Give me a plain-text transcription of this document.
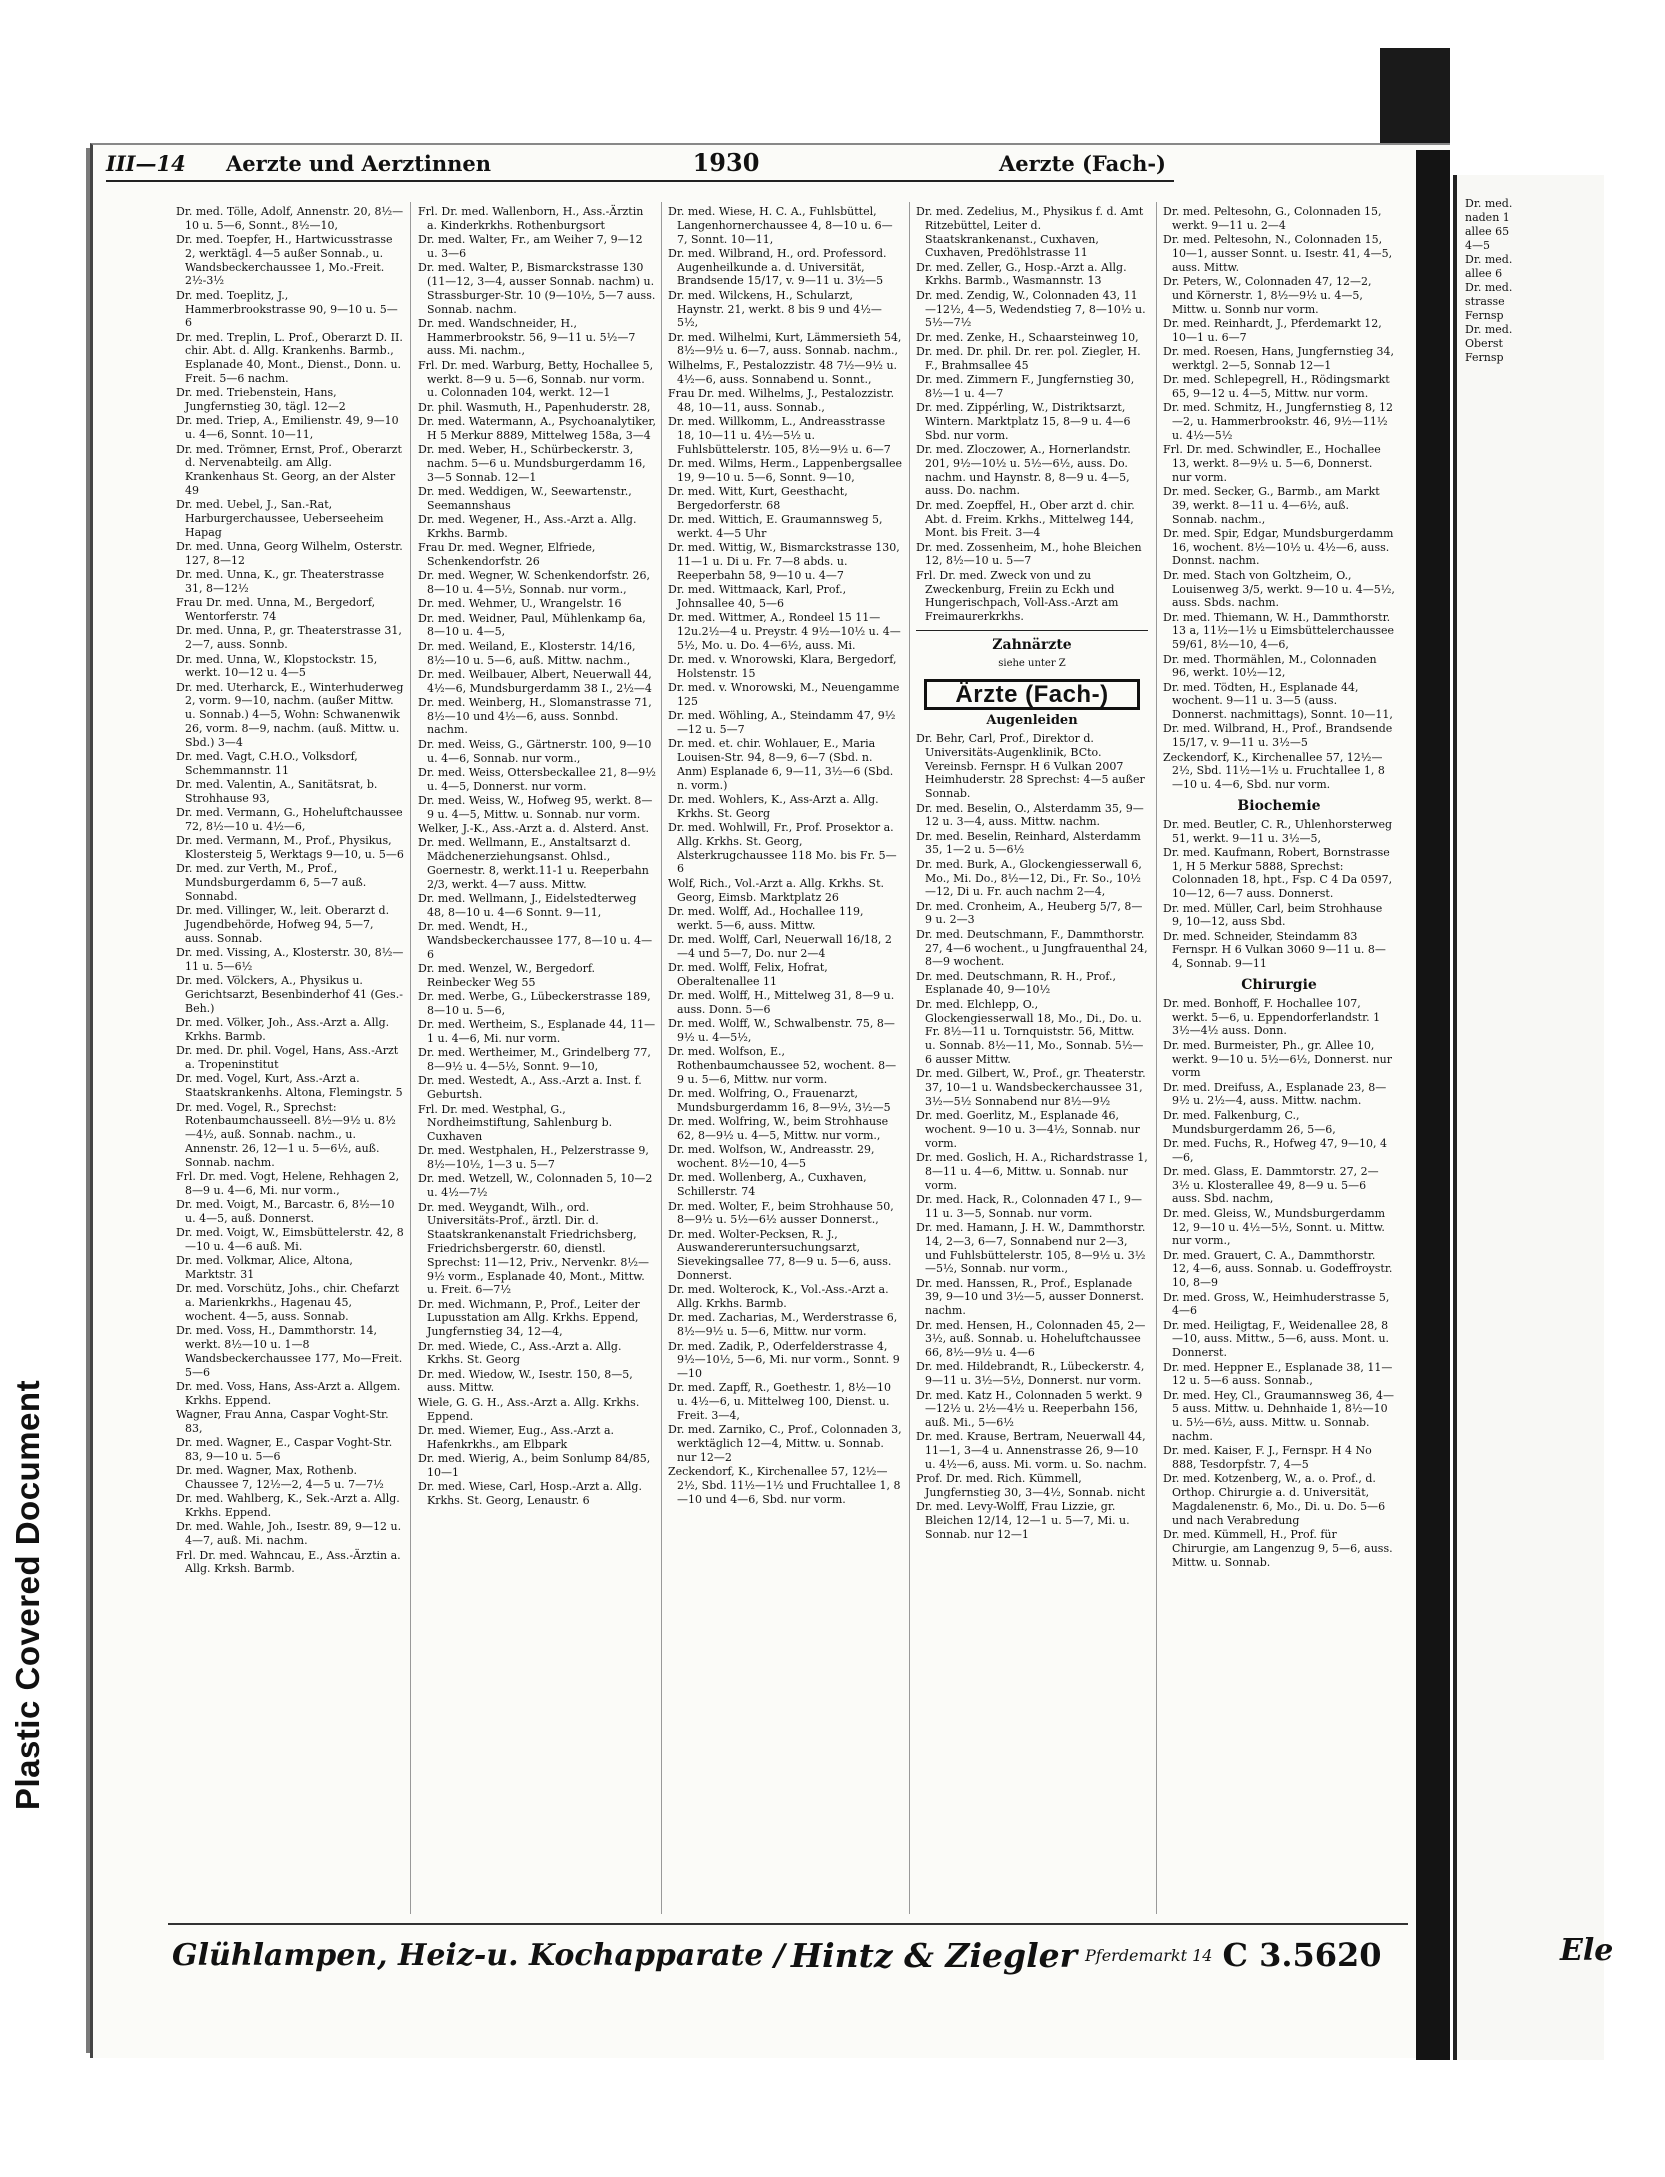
Plastic Covered Document

Dr. med.

naden 1

allee 65

4—5

Dr. med.

allee 6

Dr. med.

strasse

Fernsp

Dr. med.

Oberst

Fernsp

Ele
III—14	Aerzte und Aerztinnen	1930	Aerzte (Fach-)

Dr. med. Tölle, Adolf, Annenstr. 20, 8½—10 u. 5—6, Sonnt., 8½—10,

Dr. med. Toepfer, H., Hartwicusstrasse 2, werktägl. 4—5 außer Sonnab., u. Wandsbeckerchaussee 1, Mo.-Freit. 2½-3½

Dr. med. Toeplitz, J., Hammerbrookstrasse 90, 9—10 u. 5—6

Dr. med. Treplin, L. Prof., Oberarzt D. II. chir. Abt. d. Allg. Krankenhs. Barmb., Esplanade 40, Mont., Dienst., Donn. u. Freit. 5—6 nachm.

Dr. med. Triebenstein, Hans, Jungfernstieg 30, tägl. 12—2

Dr. med. Triep, A., Emilienstr. 49, 9—10 u. 4—6, Sonnt. 10—11,

Dr. med. Trömner, Ernst, Prof., Oberarzt d. Nervenabteilg. am Allg. Krankenhaus St. Georg, an der Alster 49

Dr. med. Uebel, J., San.-Rat, Harburgerchaussee, Ueberseeheim Hapag

Dr. med. Unna, Georg Wilhelm, Osterstr. 127, 8—12

Dr. med. Unna, K., gr. Theaterstrasse 31, 8—12½

Frau Dr. med. Unna, M., Bergedorf, Wentorferstr. 74

Dr. med. Unna, P., gr. Theaterstrasse 31, 2—7, auss. Sonnb.

Dr. med. Unna, W., Klopstockstr. 15, werkt. 10—12 u. 4—5

Dr. med. Uterharck, E., Winterhuderweg 2, vorm. 9—10, nachm. (außer Mittw. u. Sonnab.) 4—5, Wohn: Schwanenwik 26, vorm. 8—9, nachm. (auß. Mittw. u. Sbd.) 3—4

Dr. med. Vagt, C.H.O., Volksdorf, Schemmannstr. 11

Dr. med. Valentin, A., Sanitätsrat, b. Strohhause 93,

Dr. med. Vermann, G., Hoheluftchaussee 72, 8½—10 u. 4½—6,

Dr. med. Vermann, M., Prof., Physikus, Klostersteig 5, Werktags 9—10, u. 5—6

Dr. med. zur Verth, M., Prof., Mundsburgerdamm 6, 5—7 auß. Sonnabd.

Dr. med. Villinger, W., leit. Oberarzt d. Jugendbehörde, Hofweg 94, 5—7, auss. Sonnab.

Dr. med. Vissing, A., Klosterstr. 30, 8½—11 u. 5—6½

Dr. med. Völckers, A., Physikus u. Gerichtsarzt, Besenbinderhof 41 (Ges.-Beh.)

Dr. med. Völker, Joh., Ass.-Arzt a. Allg. Krkhs. Barmb.

Dr. med. Dr. phil. Vogel, Hans, Ass.-Arzt a. Tropeninstitut

Dr. med. Vogel, Kurt, Ass.-Arzt a. Staatskrankenhs. Altona, Flemingstr. 5

Dr. med. Vogel, R., Sprechst: Rotenbaumchausseell. 8½—9½ u. 8½—4½, auß. Sonnab. nachm., u. Annenstr. 26, 12—1 u. 5—6½, auß. Sonnab. nachm.

Frl. Dr. med. Vogt, Helene, Rehhagen 2, 8—9 u. 4—6, Mi. nur vorm.,

Dr. med. Voigt, M., Barcastr. 6, 8½—10 u. 4—5, auß. Donnerst.

Dr. med. Voigt, W., Eimsbüttelerstr. 42, 8—10 u. 4—6 auß. Mi.

Dr. med. Volkmar, Alice, Altona, Marktstr. 31

Dr. med. Vorschütz, Johs., chir. Chefarzt a. Marienkrkhs., Hagenau 45, wochent. 4—5, auss. Sonnab.

Dr. med. Voss, H., Dammthorstr. 14, werkt. 8½—10 u. 1—8 Wandsbeckerchaussee 177, Mo—Freit. 5—6

Dr. med. Voss, Hans, Ass-Arzt a. Allgem. Krkhs. Eppend.

Wagner, Frau Anna, Caspar Voght-Str. 83,

Dr. med. Wagner, E., Caspar Voght-Str. 83, 9—10 u. 5—6

Dr. med. Wagner, Max, Rothenb. Chaussee 7, 12½—2, 4—5 u. 7—7½

Dr. med. Wahlberg, K., Sek.-Arzt a. Allg. Krkhs. Eppend.

Dr. med. Wahle, Joh., Isestr. 89, 9—12 u. 4—7, auß. Mi. nachm.

Frl. Dr. med. Wahncau, E., Ass.-Ärztin a. Allg. Krksh. Barmb.

Frl. Dr. med. Wallenborn, H., Ass.-Ärztin a. Kinderkrkhs. Rothenburgsort

Dr. med. Walter, Fr., am Weiher 7, 9—12 u. 3—6

Dr. med. Walter, P., Bismarckstrasse 130 (11—12, 3—4, ausser Sonnab. nachm) u. Strassburger-Str. 10 (9—10½, 5—7 auss. Sonnab. nachm.

Dr. med. Wandschneider, H., Hammerbrookstr. 56, 9—11 u. 5½—7 auss. Mi. nachm.,

Frl. Dr. med. Warburg, Betty, Hochallee 5, werkt. 8—9 u. 5—6, Sonnab. nur vorm. u. Colonnaden 104, werkt. 12—1

Dr. phil. Wasmuth, H., Papenhuderstr. 28,

Dr. med. Watermann, A., Psychoanalytiker, H 5 Merkur 8889, Mittelweg 158a, 3—4

Dr. med. Weber, H., Schürbeckerstr. 3, nachm. 5—6 u. Mundsburgerdamm 16, 3—5 Sonnab. 12—1

Dr. med. Weddigen, W., Seewartenstr., Seemannshaus

Dr. med. Wegener, H., Ass.-Arzt a. Allg. Krkhs. Barmb.

Frau Dr. med. Wegner, Elfriede, Schenkendorfstr. 26

Dr. med. Wegner, W. Schenkendorfstr. 26, 8—10 u. 4—5½, Sonnab. nur vorm.,

Dr. med. Wehmer, U., Wrangelstr. 16

Dr. med. Weidner, Paul, Mühlenkamp 6a, 8—10 u. 4—5,

Dr. med. Weiland, E., Klosterstr. 14/16, 8½—10 u. 5—6, auß. Mittw. nachm.,

Dr. med. Weilbauer, Albert, Neuerwall 44, 4½—6, Mundsburgerdamm 38 I., 2½—4

Dr. med. Weinberg, H., Slomanstrasse 71, 8½—10 und 4½—6, auss. Sonnbd. nachm.

Dr. med. Weiss, G., Gärtnerstr. 100, 9—10 u. 4—6, Sonnab. nur vorm.,

Dr. med. Weiss, Ottersbeckallee 21, 8—9½ u. 4—5, Donnerst. nur vorm.

Dr. med. Weiss, W., Hofweg 95, werkt. 8—9 u. 4—5, Mittw. u. Sonnab. nur vorm.

Welker, J.-K., Ass.-Arzt a. d. Alsterd. Anst.

Dr. med. Wellmann, E., Anstaltsarzt d. Mädchenerziehungsanst. Ohlsd., Goernestr. 8, werkt.11-1 u. Reeperbahn 2/3, werkt. 4—7 auss. Mittw.

Dr. med. Wellmann, J., Eidelstedterweg 48, 8—10 u. 4—6 Sonnt. 9—11,

Dr. med. Wendt, H., Wandsbeckerchaussee 177, 8—10 u. 4—6

Dr. med. Wenzel, W., Bergedorf. Reinbecker Weg 55

Dr. med. Werbe, G., Lübeckerstrasse 189, 8—10 u. 5—6,

Dr. med. Wertheim, S., Esplanade 44, 11—1 u. 4—6, Mi. nur vorm.

Dr. med. Wertheimer, M., Grindelberg 77, 8—9½ u. 4—5½, Sonnt. 9—10,

Dr. med. Westedt, A., Ass.-Arzt a. Inst. f. Geburtsh.

Frl. Dr. med. Westphal, G., Nordheimstiftung, Sahlenburg b. Cuxhaven

Dr. med. Westphalen, H., Pelzerstrasse 9, 8½—10½, 1—3 u. 5—7

Dr. med. Wetzell, W., Colonnaden 5, 10—2 u. 4½—7½

Dr. med. Weygandt, Wilh., ord. Universitäts-Prof., ärztl. Dir. d. Staatskrankenanstalt Friedrichsberg, Friedrichsbergerstr. 60, dienstl. Sprechst: 11—12, Priv., Nervenkr. 8½—9½ vorm., Esplanade 40, Mont., Mittw. u. Freit. 6—7½

Dr. med. Wichmann, P., Prof., Leiter der Lupusstation am Allg. Krkhs. Eppend, Jungfernstieg 34, 12—4,

Dr. med. Wiede, C., Ass.-Arzt a. Allg. Krkhs. St. Georg

Dr. med. Wiedow, W., Isestr. 150, 8—5, auss. Mittw.

Wiele, G. G. H., Ass.-Arzt a. Allg. Krkhs. Eppend.

Dr. med. Wiemer, Eug., Ass.-Arzt a. Hafenkrkhs., am Elbpark

Dr. med. Wierig, A., beim Sonlump 84/85, 10—1

Dr. med. Wiese, Carl, Hosp.-Arzt a. Allg. Krkhs. St. Georg, Lenaustr. 6

Dr. med. Wiese, H. C. A., Fuhlsbüttel, Langenhornerchaussee 4, 8—10 u. 6—7, Sonnt. 10—11,

Dr. med. Wilbrand, H., ord. Professord. Augenheilkunde a. d. Universität, Brandsende 15/17, v. 9—11 u. 3½—5

Dr. med. Wilckens, H., Schularzt, Haynstr. 21, werkt. 8 bis 9 und 4½—5½,

Dr. med. Wilhelmi, Kurt, Lämmersieth 54, 8½—9½ u. 6—7, auss. Sonnab. nachm.,

Wilhelms, F., Pestalozzistr. 48 7½—9½ u. 4½—6, auss. Sonnabend u. Sonnt.,

Frau Dr. med. Wilhelms, J., Pestalozzistr. 48, 10—11, auss. Sonnab.,

Dr. med. Willkomm, L., Andreasstrasse 18, 10—11 u. 4½—5½ u. Fuhlsbüttelerstr. 105, 8½—9½ u. 6—7

Dr. med. Wilms, Herm., Lappenbergsallee 19, 9—10 u. 5—6, Sonnt. 9—10,

Dr. med. Witt, Kurt, Geesthacht, Bergedorferstr. 68

Dr. med. Wittich, E. Graumannsweg 5, werkt. 4—5 Uhr

Dr. med. Wittig, W., Bismarckstrasse 130, 11—1 u. Di u. Fr. 7—8 abds. u. Reeperbahn 58, 9—10 u. 4—7

Dr. med. Wittmaack, Karl, Prof., Johnsallee 40, 5—6

Dr. med. Wittmer, A., Rondeel 15 11—12u.2½—4 u. Preystr. 4 9½—10½ u. 4—5½, Mo. u. Do. 4—6½, auss. Mi.

Dr. med. v. Wnorowski, Klara, Bergedorf, Holstenstr. 15

Dr. med. v. Wnorowski, M., Neuengamme 125

Dr. med. Wöhling, A., Steindamm 47, 9½—12 u. 5—7

Dr. med. et. chir. Wohlauer, E., Maria Louisen-Str. 94, 8—9, 6—7 (Sbd. n. Anm) Esplanade 6, 9—11, 3½—6 (Sbd. n. vorm.)

Dr. med. Wohlers, K., Ass-Arzt a. Allg. Krkhs. St. Georg

Dr. med. Wohlwill, Fr., Prof. Prosektor a. Allg. Krkhs. St. Georg, Alsterkrugchaussee 118 Mo. bis Fr. 5—6

Wolf, Rich., Vol.-Arzt a. Allg. Krkhs. St. Georg, Eimsb. Marktplatz 26

Dr. med. Wolff, Ad., Hochallee 119, werkt. 5—6, auss. Mittw.

Dr. med. Wolff, Carl, Neuerwall 16/18, 2—4 und 5—7, Do. nur 2—4

Dr. med. Wolff, Felix, Hofrat, Oberaltenallee 11

Dr. med. Wolff, H., Mittelweg 31, 8—9 u. auss. Donn. 5—6

Dr. med. Wolff, W., Schwalbenstr. 75, 8—9½ u. 4—5½,

Dr. med. Wolfson, E., Rothenbaumchaussee 52, wochent. 8—9 u. 5—6, Mittw. nur vorm.

Dr. med. Wolfring, O., Frauenarzt, Mundsburgerdamm 16, 8—9½, 3½—5

Dr. med. Wolfring, W., beim Strohhause 62, 8—9½ u. 4—5, Mittw. nur vorm.,

Dr. med. Wolfson, W., Andreasstr. 29, wochent. 8½—10, 4—5

Dr. med. Wollenberg, A., Cuxhaven, Schillerstr. 74

Dr. med. Wolter, F., beim Strohhause 50, 8—9½ u. 5½—6½ ausser Donnerst.,

Dr. med. Wolter-Pecksen, R. J., Auswandereruntersuchungsarzt, Sievekingsallee 77, 8—9 u. 5—6, auss. Donnerst.

Dr. med. Wolterock, K., Vol.-Ass.-Arzt a. Allg. Krkhs. Barmb.

Dr. med. Zacharias, M., Werderstrasse 6, 8½—9½ u. 5—6, Mittw. nur vorm.

Dr. med. Zadik, P., Oderfelderstrasse 4, 9½—10½, 5—6, Mi. nur vorm., Sonnt. 9—10

Dr. med. Zapff, R., Goethestr. 1, 8½—10 u. 4½—6, u. Mittelweg 100, Dienst. u. Freit. 3—4,

Dr. med. Zarniko, C., Prof., Colonnaden 3, werktäglich 12—4, Mittw. u. Sonnab. nur 12—2

Zeckendorf, K., Kirchenallee 57, 12½—2½, Sbd. 11½—1½ und Fruchtallee 1, 8—10 und 4—6, Sbd. nur vorm.

Dr. med. Zedelius, M., Physikus f. d. Amt Ritzebüttel, Leiter d. Staatskrankenanst., Cuxhaven, Cuxhaven, Predöhlstrasse 11

Dr. med. Zeller, G., Hosp.-Arzt a. Allg. Krkhs. Barmb., Wasmannstr. 13

Dr. med. Zendig, W., Colonnaden 43, 11—12½, 4—5, Wedendstieg 7, 8—10½ u. 5½—7½

Dr. med. Zenke, H., Schaarsteinweg 10,

Dr. med. Dr. phil. Dr. rer. pol. Ziegler, H. F., Brahmsallee 45

Dr. med. Zimmern F., Jungfernstieg 30, 8½—1 u. 4—7

Dr. med. Zippérling, W., Distriktsarzt, Wintern. Marktplatz 15, 8—9 u. 4—6 Sbd. nur vorm.

Dr. med. Zloczower, A., Hornerlandstr. 201, 9½—10½ u. 5½—6½, auss. Do. nachm. und Haynstr. 8, 8—9 u. 4—5, auss. Do. nachm.

Dr. med. Zoepffel, H., Ober arzt d. chir. Abt. d. Freim. Krkhs., Mittelweg 144, Mont. bis Freit. 3—4

Dr. med. Zossenheim, M., hohe Bleichen 12, 8½—10 u. 5—7

Frl. Dr. med. Zweck von und zu Zweckenburg, Freiin zu Eckh und Hungerischpach, Voll-Ass.-Arzt am Freimaurerkrkhs.

Zahnärzte
siehe unter Z
Ärzte (Fach-)
Augenleiden

Dr. Behr, Carl, Prof., Direktor d. Universitäts-Augenklinik, BCto. Vereinsb. Fernspr. H 6 Vulkan 2007 Heimhuderstr. 28 Sprechst: 4—5 außer Sonnab.

Dr. med. Beselin, O., Alsterdamm 35, 9—12 u. 3—4, auss. Mittw. nachm.

Dr. med. Beselin, Reinhard, Alsterdamm 35, 1—2 u. 5—6½

Dr. med. Burk, A., Glockengiesserwall 6, Mo., Mi. Do., 8½—12, Di., Fr. So., 10½—12, Di u. Fr. auch nachm 2—4,

Dr. med. Cronheim, A., Heuberg 5/7, 8—9 u. 2—3

Dr. med. Deutschmann, F., Dammthorstr. 27, 4—6 wochent., u Jungfrauenthal 24, 8—9 wochent.

Dr. med. Deutschmann, R. H., Prof., Esplanade 40, 9—10½

Dr. med. Elchlepp, O., Glockengiesserwall 18, Mo., Di., Do. u. Fr. 8½—11 u. Tornquiststr. 56, Mittw. u. Sonnab. 8½—11, Mo., Sonnab. 5½—6 ausser Mittw.

Dr. med. Gilbert, W., Prof., gr. Theaterstr. 37, 10—1 u. Wandsbeckerchaussee 31, 3½—5½ Sonnabend nur 8½—9½

Dr. med. Goerlitz, M., Esplanade 46, wochent. 9—10 u. 3—4½, Sonnab. nur vorm.

Dr. med. Goslich, H. A., Richardstrasse 1, 8—11 u. 4—6, Mittw. u. Sonnab. nur vorm.

Dr. med. Hack, R., Colonnaden 47 I., 9—11 u. 3—5, Sonnab. nur vorm.

Dr. med. Hamann, J. H. W., Dammthorstr. 14, 2—3, 6—7, Sonnabend nur 2—3, und Fuhlsbüttelerstr. 105, 8—9½ u. 3½—5½, Sonnab. nur vorm.,

Dr. med. Hanssen, R., Prof., Esplanade 39, 9—10 und 3½—5, ausser Donnerst. nachm.

Dr. med. Hensen, H., Colonnaden 45, 2—3½, auß. Sonnab. u. Hoheluftchaussee 66, 8½—9½ u. 4—6

Dr. med. Hildebrandt, R., Lübeckerstr. 4, 9—11 u. 3½—5½, Donnerst. nur vorm.

Dr. med. Katz H., Colonnaden 5 werkt. 9—12½ u. 2½—4½ u. Reeperbahn 156, auß. Mi., 5—6½

Dr. med. Krause, Bertram, Neuerwall 44, 11—1, 3—4 u. Annenstrasse 26, 9—10 u. 4½—6, auss. Mi. vorm. u. So. nachm.

Prof. Dr. med. Rich. Kümmell, Jungfernstieg 30, 3—4½, Sonnab. nicht

Dr. med. Levy-Wolff, Frau Lizzie, gr. Bleichen 12/14, 12—1 u. 5—7, Mi. u. Sonnab. nur 12—1

Dr. med. Peltesohn, G., Colonnaden 15, werkt. 9—11 u. 2—4

Dr. med. Peltesohn, N., Colonnaden 15, 10—1, ausser Sonnt. u. Isestr. 41, 4—5, auss. Mittw.

Dr. Peters, W., Colonnaden 47, 12—2, und Körnerstr. 1, 8½—9½ u. 4—5, Mittw. u. Sonnb nur vorm.

Dr. med. Reinhardt, J., Pferdemarkt 12, 10—1 u. 6—7

Dr. med. Roesen, Hans, Jungfernstieg 34, werktgl. 2—5, Sonnab 12—1

Dr. med. Schlepegrell, H., Rödingsmarkt 65, 9—12 u. 4—5, Mittw. nur vorm.

Dr. med. Schmitz, H., Jungfernstieg 8, 12—2, u. Hammerbrookstr. 46, 9½—11½ u. 4½—5½

Frl. Dr. med. Schwindler, E., Hochallee 13, werkt. 8—9½ u. 5—6, Donnerst. nur vorm.

Dr. med. Secker, G., Barmb., am Markt 39, werkt. 8—11 u. 4—6½, auß. Sonnab. nachm.,

Dr. med. Spir, Edgar, Mundsburgerdamm 16, wochent. 8½—10½ u. 4½—6, auss. Donnst. nachm.

Dr. med. Stach von Goltzheim, O., Louisenweg 3/5, werkt. 9—10 u. 4—5½, auss. Sbds. nachm.

Dr. med. Thiemann, W. H., Dammthorstr. 13 a, 11½—1½ u Eimsbüttelerchaussee 59/61, 8½—10, 4—6,

Dr. med. Thormählen, M., Colonnaden 96, werkt. 10½—12,

Dr. med. Tödten, H., Esplanade 44, wochent. 9—11 u. 3—5 (auss. Donnerst. nachmittags), Sonnt. 10—11,

Dr. med. Wilbrand, H., Prof., Brandsende 15/17, v. 9—11 u. 3½—5

Zeckendorf, K., Kirchenallee 57, 12½—2½, Sbd. 11½—1½ u. Fruchtallee 1, 8—10 u. 4—6, Sbd. nur vorm.

Biochemie

Dr. med. Beutler, C. R., Uhlenhorsterweg 51, werkt. 9—11 u. 3½—5,

Dr. med. Kaufmann, Robert, Bornstrasse 1, H 5 Merkur 5888, Sprechst: Colonnaden 18, hpt., Fsp. C 4 Da 0597, 10—12, 6—7 auss. Donnerst.

Dr. med. Müller, Carl, beim Strohhause 9, 10—12, auss Sbd.

Dr. med. Schneider, Steindamm 83 Fernspr. H 6 Vulkan 3060 9—11 u. 8—4, Sonnab. 9—11

Chirurgie

Dr. med. Bonhoff, F. Hochallee 107, werkt. 5—6, u. Eppendorferlandstr. 1 3½—4½ auss. Donn.

Dr. med. Burmeister, Ph., gr. Allee 10, werkt. 9—10 u. 5½—6½, Donnerst. nur vorm

Dr. med. Dreifuss, A., Esplanade 23, 8—9½ u. 2½—4, auss. Mittw. nachm.

Dr. med. Falkenburg, C., Mundsburgerdamm 26, 5—6,

Dr. med. Fuchs, R., Hofweg 47, 9—10, 4—6,

Dr. med. Glass, E. Dammtorstr. 27, 2—3½ u. Klosterallee 49, 8—9 u. 5—6 auss. Sbd. nachm,

Dr. med. Gleiss, W., Mundsburgerdamm 12, 9—10 u. 4½—5½, Sonnt. u. Mittw. nur vorm.,

Dr. med. Grauert, C. A., Dammthorstr. 12, 4—6, auss. Sonnab. u. Godeffroystr. 10, 8—9

Dr. med. Gross, W., Heimhuderstrasse 5, 4—6

Dr. med. Heiligtag, F., Weidenallee 28, 8—10, auss. Mittw., 5—6, auss. Mont. u. Donnerst.

Dr. med. Heppner E., Esplanade 38, 11—12 u. 5—6 auss. Sonnab.,

Dr. med. Hey, Cl., Graumannsweg 36, 4—5 auss. Mittw. u. Dehnhaide 1, 8½—10 u. 5½—6½, auss. Mittw. u. Sonnab. nachm.

Dr. med. Kaiser, F. J., Fernspr. H 4 No 888, Tesdorpfstr. 7, 4—5

Dr. med. Kotzenberg, W., a. o. Prof., d. Orthop. Chirurgie a. d. Universität, Magdalenenstr. 6, Mo., Di. u. Do. 5—6 und nach Verabredung

Dr. med. Kümmell, H., Prof. für Chirurgie, am Langenzug 9, 5—6, auss. Mittw. u. Sonnab.

Glühlampen, Heiz-u. Kochapparate / Hintz & Ziegler Pferdemarkt 14 C 3.5620
